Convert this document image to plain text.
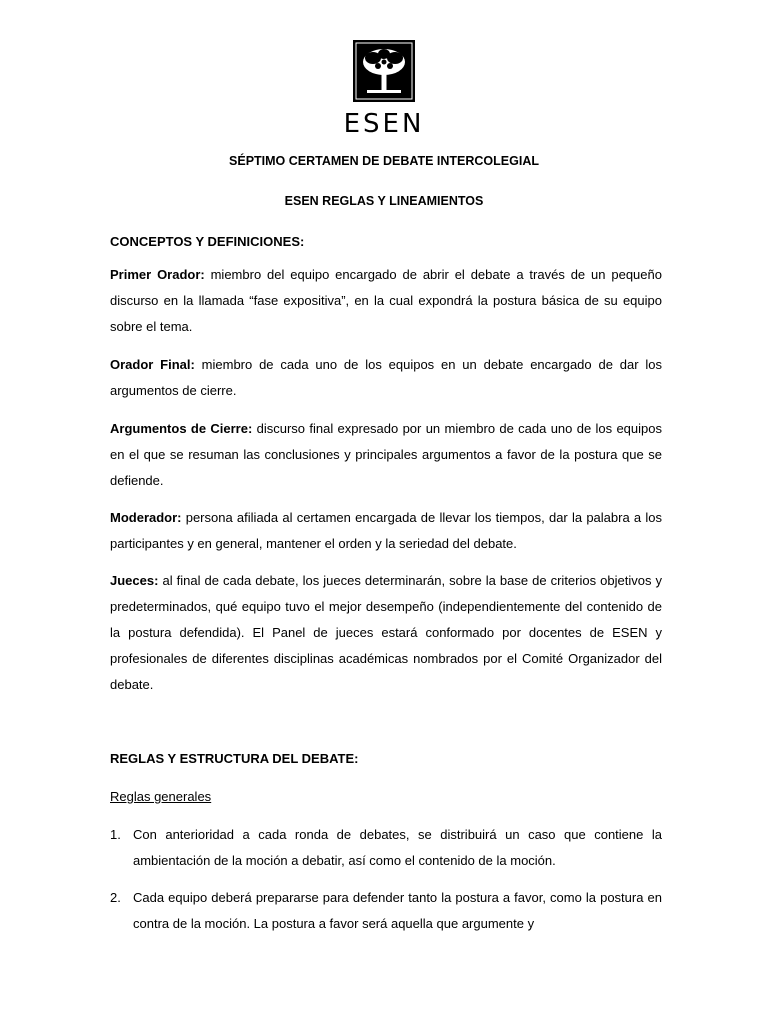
ESEN
SÉPTIMO CERTAMEN DE DEBATE INTERCOLEGIAL
ESEN REGLAS Y LINEAMIENTOS
CONCEPTOS Y DEFINICIONES:
Primer Orador: miembro del equipo encargado de abrir el debate a través de un pequeño discurso en la llamada “fase expositiva”, en la cual expondrá la postura básica de su equipo sobre el tema.
Orador Final: miembro de cada uno de los equipos en un debate encargado de dar los argumentos de cierre.
Argumentos de Cierre: discurso final expresado por un miembro de cada uno de los equipos en el que se resuman las conclusiones y principales argumentos a favor de la postura que se defiende.
Moderador: persona afiliada al certamen encargada de llevar los tiempos, dar la palabra a los participantes y en general, mantener el orden y la seriedad del debate.
Jueces: al final de cada debate, los jueces determinarán, sobre la base de criterios objetivos y predeterminados, qué equipo tuvo el mejor desempeño (independientemente del contenido de la postura defendida). El Panel de jueces estará conformado por docentes de ESEN y profesionales de diferentes disciplinas académicas nombrados por el Comité Organizador del debate.
REGLAS Y ESTRUCTURA DEL DEBATE:
Reglas generales
1. Con anterioridad a cada ronda de debates, se distribuirá un caso que contiene la ambientación de la moción a debatir, así como el contenido de la moción.
2. Cada equipo deberá prepararse para defender tanto la postura a favor, como la postura en contra de la moción. La postura a favor será aquella que argumente y
